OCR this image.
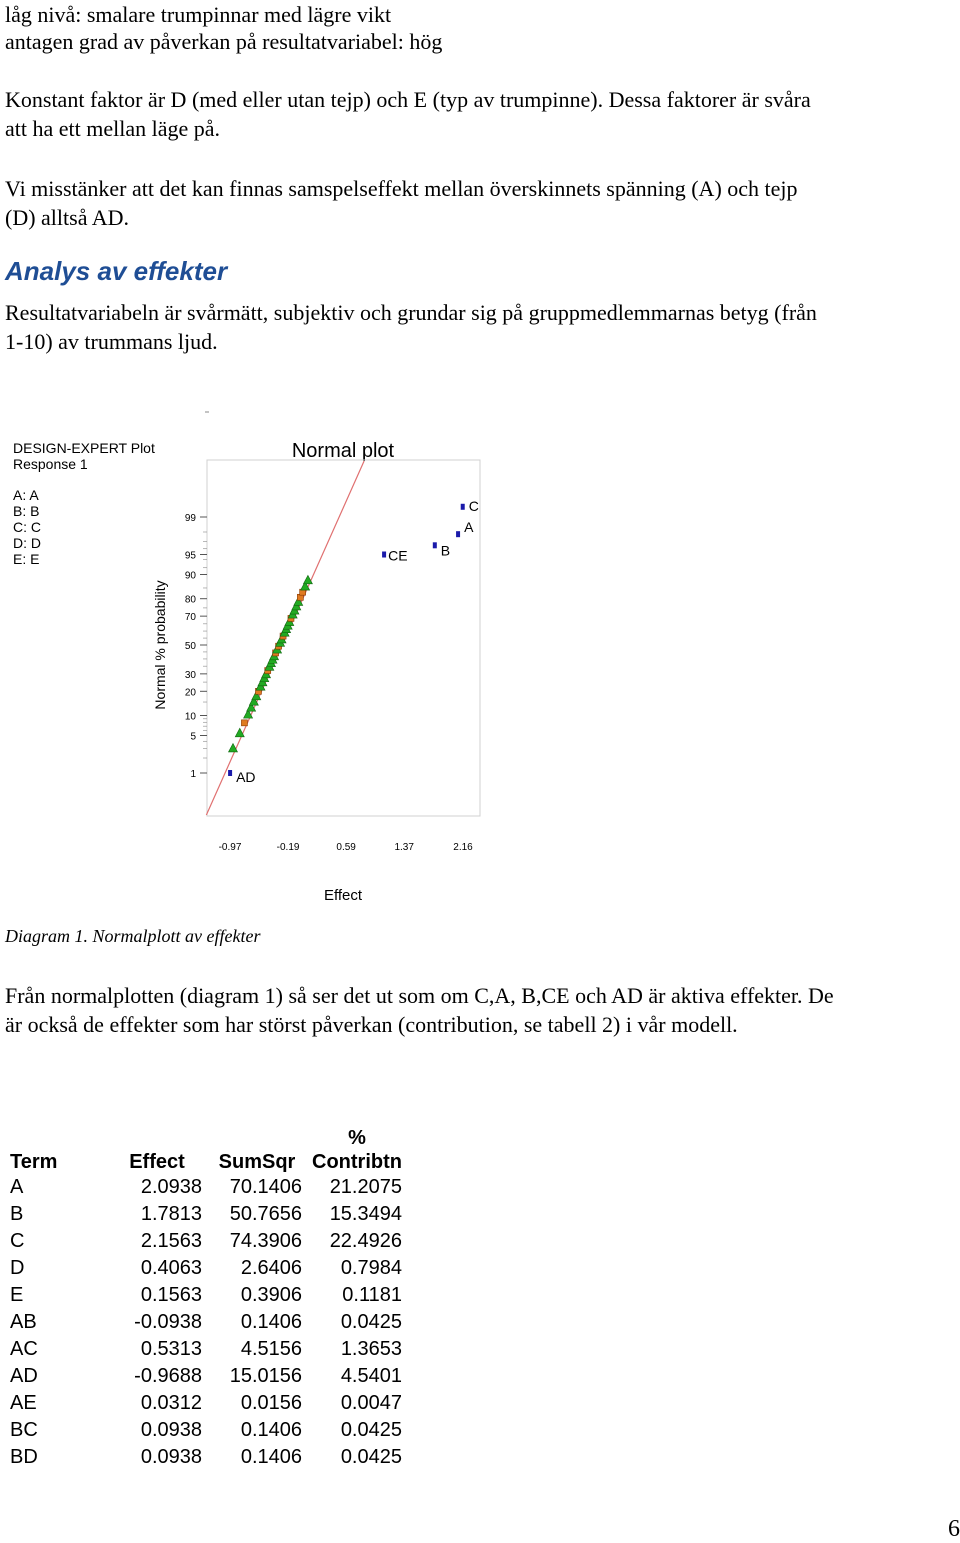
låg nivå: smalare trumpinnar med lägre vikt

antagen grad av påverkan på resultatvariabel: hög

Konstant faktor är D (med eller utan tejp) och E (typ av trumpinne). Dessa faktorer är svåra

att ha ett mellan läge på.

Vi misstänker att det kan finnas samspelseffekt mellan överskinnets spänning (A) och tejp

(D) alltså AD.

Analys av effekter

Resultatvariabeln är svårmätt, subjektiv och grundar sig på gruppmedlemmarnas betyg (från

1-10) av trummans ljud.

DESIGN-EXPERT Plot

Response 1

A: A

B: B

C: C

D: D

E: E

Normal plot
Normal % probability
Effect
1
5
10
20
30
50
70
80
90
95
99
-0.97	-0.19	0.59	1.37	2.16
AD
CE B
A
C

Diagram 1. Normalplott av effekter

Från normalplotten (diagram 1) så ser det ut som om C,A, B,CE och AD är aktiva effekter. De

är också de effekter som har störst påverkan (contribution, se tabell 2) i vår modell.

Term	Effect	SumSqr	%
Contribtn

A	2.0938	70.1406	21.2075
B	1.7813	50.7656	15.3494
C	2.1563	74.3906	22.4926
D	0.4063	2.6406	0.7984
E	0.1563	0.3906	0.1181
AB	-0.0938	0.1406	0.0425
AC	0.5313	4.5156	1.3653
AD	-0.9688	15.0156	4.5401
AE	0.0312	0.0156	0.0047
BC	0.0938	0.1406	0.0425
BD	0.0938	0.1406	0.0425
6
